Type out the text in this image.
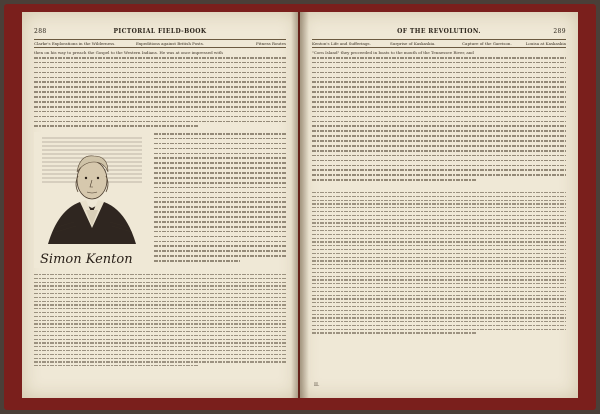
288	PICTORIAL FIELD-BOOK
Clarke's Explorations in the Wilderness.	Expeditions against British Posts.	Fitness Routes
then on his way to preach the Gospel to the Western Indians. He was at once impressed with
Simon Kenton
OF THE REVOLUTION.	289
Kenton's Life and Sufferings.	Surprise of Kaskaskia.	Capture of the Garrison.	Louisa at Kaskaskia
"Corn Island" they proceeded in boats to the mouth of the Tennessee River, and
II.
